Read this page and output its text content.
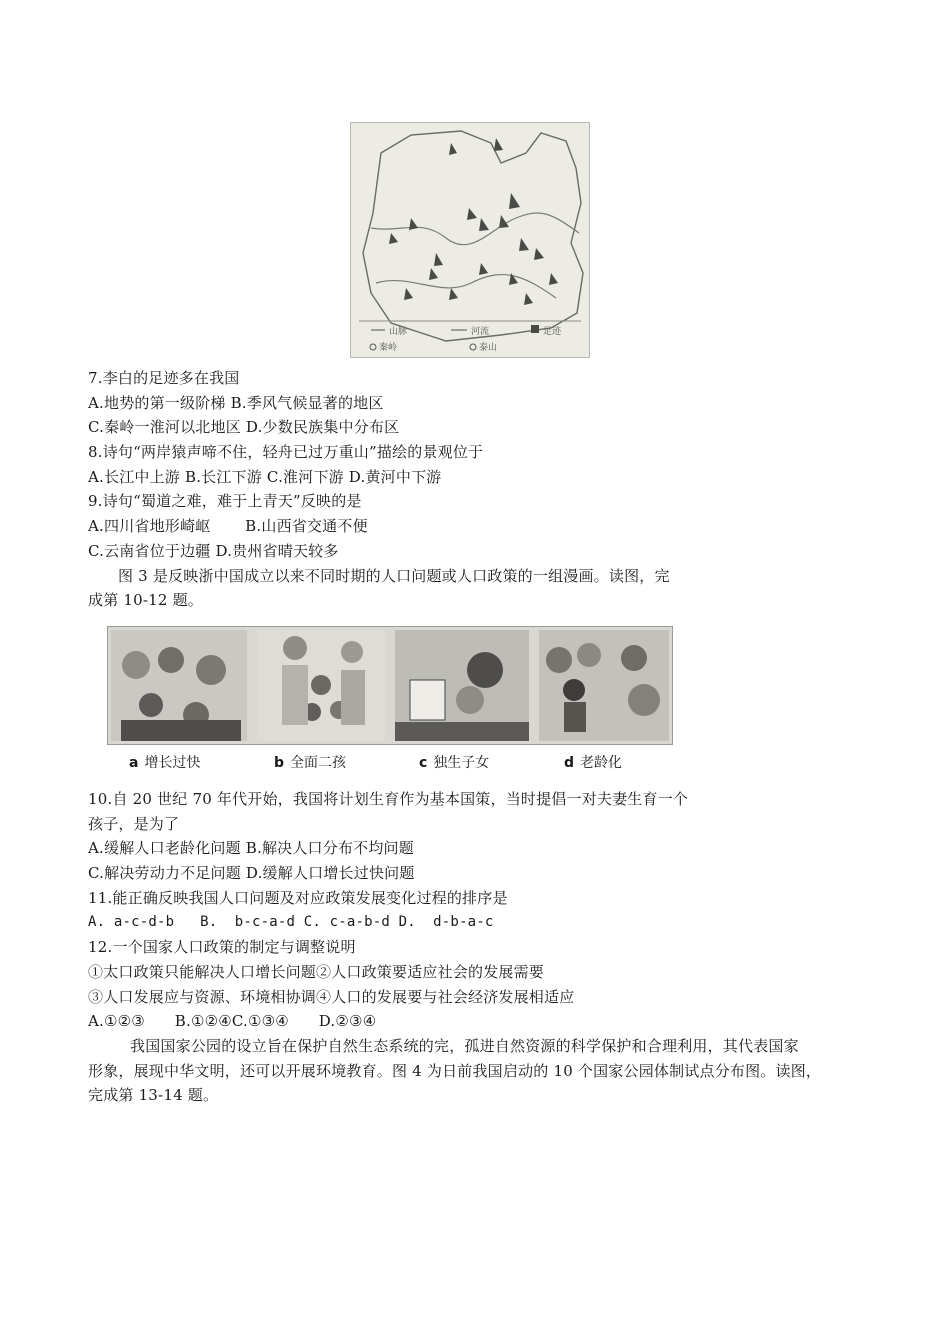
山脉	河流	足迹
秦岭	泰山
7.李白的足迹多在我国
A.地势的第一级阶梯 B.季风气候显著的地区
C.秦岭一淮河以北地区 D.少数民族集中分布区
8.诗句“两岸猿声啼不住，轻舟已过万重山”描绘的景观位于
A.长江中上游 B.长江下游 C.淮河下游 D.黄河中下游
9.诗句“蜀道之难，难于上青天”反映的是
A.四川省地形崎岖       B.山西省交通不便
C.云南省位于边疆 D.贵州省晴天较多
图 3 是反映浙中国成立以来不同时期的人口问题或人口政策的一组漫画。读图，完
成第 10-12 题。
a 增长过快	b 全面二孩	c 独生子女	d 老龄化
10.自 20 世纪 70 年代开始，我国将计划生育作为基本国策，当时提倡一对夫妻生育一个
孩子，是为了
A.缓解人口老龄化问题 B.解决人口分布不均问题
C.解决劳动力不足问题 D.缓解人口增长过快问题
11.能正确反映我国人口问题及对应政策发展变化过程的排序是
A. a-c-d-b   B.  b-c-a-d C. c-a-b-d D.  d-b-a-c
12.一个国家人口政策的制定与调整说明
①太口政策只能解决人口增长问题②人口政策要适应社会的发展需要
③人口发展应与资源、环境相协调④人口的发展要与社会经济发展相适应
A.①②③      B.①②④C.①③④      D.②③④
我国国家公园的设立旨在保护自然生态系统的完，孤进自然资源的科学保护和合理利用，其代表国家
形象，展现中华文明，还可以开展环境教育。图 4 为日前我国启动的 10 个国家公园体制试点分布图。读图，
完成第 13-14 题。
